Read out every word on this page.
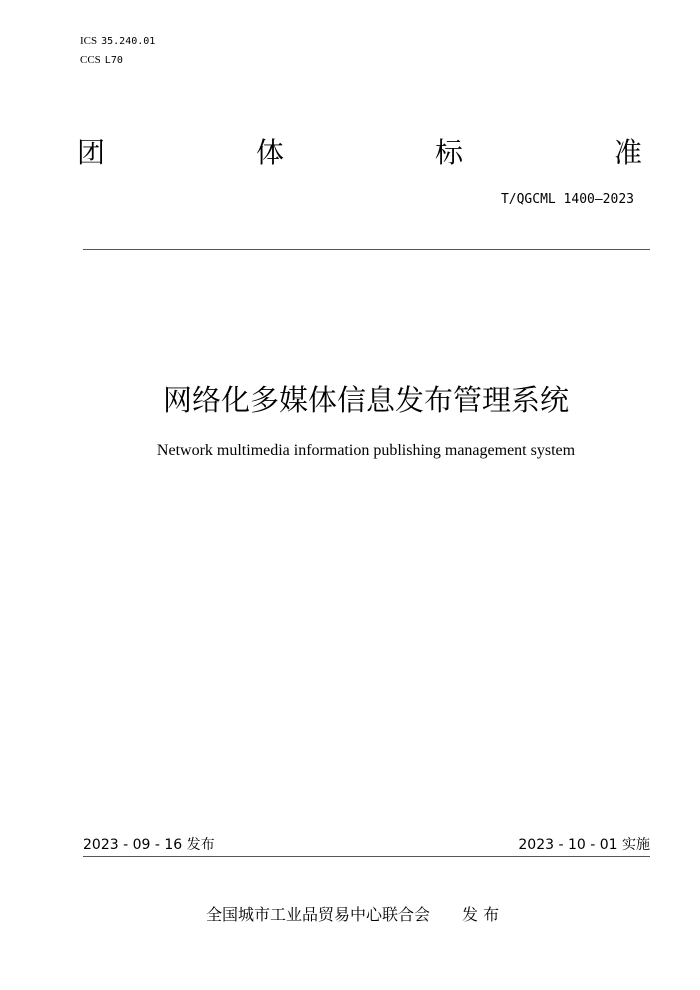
ICS 35.240.01
CCS L70
团	体	标	准
T/QGCML 1400—2023
网络化多媒体信息发布管理系统
Network multimedia information publishing management system
2023 - 09 - 16 发布	2023 - 10 - 01 实施
全国城市工业品贸易中心联合会 发 布
